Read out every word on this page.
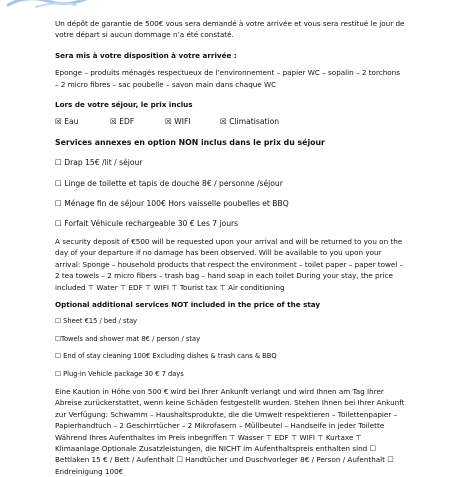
Un dépôt de garantie de 500€ vous sera demandé à votre arrivée et vous sera restitué le jour de votre départ si aucun dommage n’a été constaté.

Sera mis à votre disposition à votre arrivée :

Eponge – produits ménagés respectueux de l’environnement – papier WC – sopalin – 2 torchons – 2 micro fibres – sac poubelle – savon main dans chaque WC

Lors de votre séjour, le prix inclus

☒ Eau	☒ EDF	☒ WIFI	☒ Climatisation

Services annexes en option NON inclus dans le prix du séjour

☐ Drap 15€ /lit / séjour
☐ Linge de toilette et tapis de douche 8€ / personne /séjour
☐ Ménage fin de séjour 100€ Hors vaisselle poubelles et BBQ
☐ Forfait Véhicule rechargeable 30 € Les 7 jours

A security deposit of €500 will be requested upon your arrival and will be returned to you on the day of your departure if no damage has been observed. Will be available to you upon your arrival: Sponge – household products that respect the environment – toilet paper – paper towel – 2 tea towels – 2 micro fibers – trash bag – hand soap in each toilet During your stay, the price included ⊤ Water ⊤ EDF ⊤ WIFI ⊤ Tourist tax ⊤ Air conditioning

Optional additional services NOT included in the price of the stay

☐ Sheet €15 / bed / stay
☐Towels and shower mat 8€ / person / stay
☐ End of stay cleaning 100€ Excluding dishes & trash cans & BBQ
☐ Plug-in Vehicle package 30 € 7 days

Eine Kaution in Höhe von 500 € wird bei Ihrer Ankunft verlangt und wird Ihnen am Tag Ihrer Abreise zurückerstattet, wenn keine Schäden festgestellt wurden. Stehen Ihnen bei Ihrer Ankunft zur Verfügung: Schwamm – Haushaltsprodukte, die die Umwelt respektieren – Toilettenpapier – Papierhandtuch – 2 Geschirrtücher – 2 Mikrofasern – Müllbeutel – Handseife in jeder Toilette Während Ihres Aufenthaltes im Preis inbegriffen ⊤ Wasser ⊤ EDF ⊤ WIFI ⊤ Kurtaxe ⊤ Klimaanlage Optionale Zusatzleistungen, die NICHT im Aufenthaltspreis enthalten sind ☐ Bettlaken 15 € / Bett / Aufenthalt ☐ Handtücher und Duschvorleger 8€ / Person / Aufenthalt ☐ Endreinigung 100€
